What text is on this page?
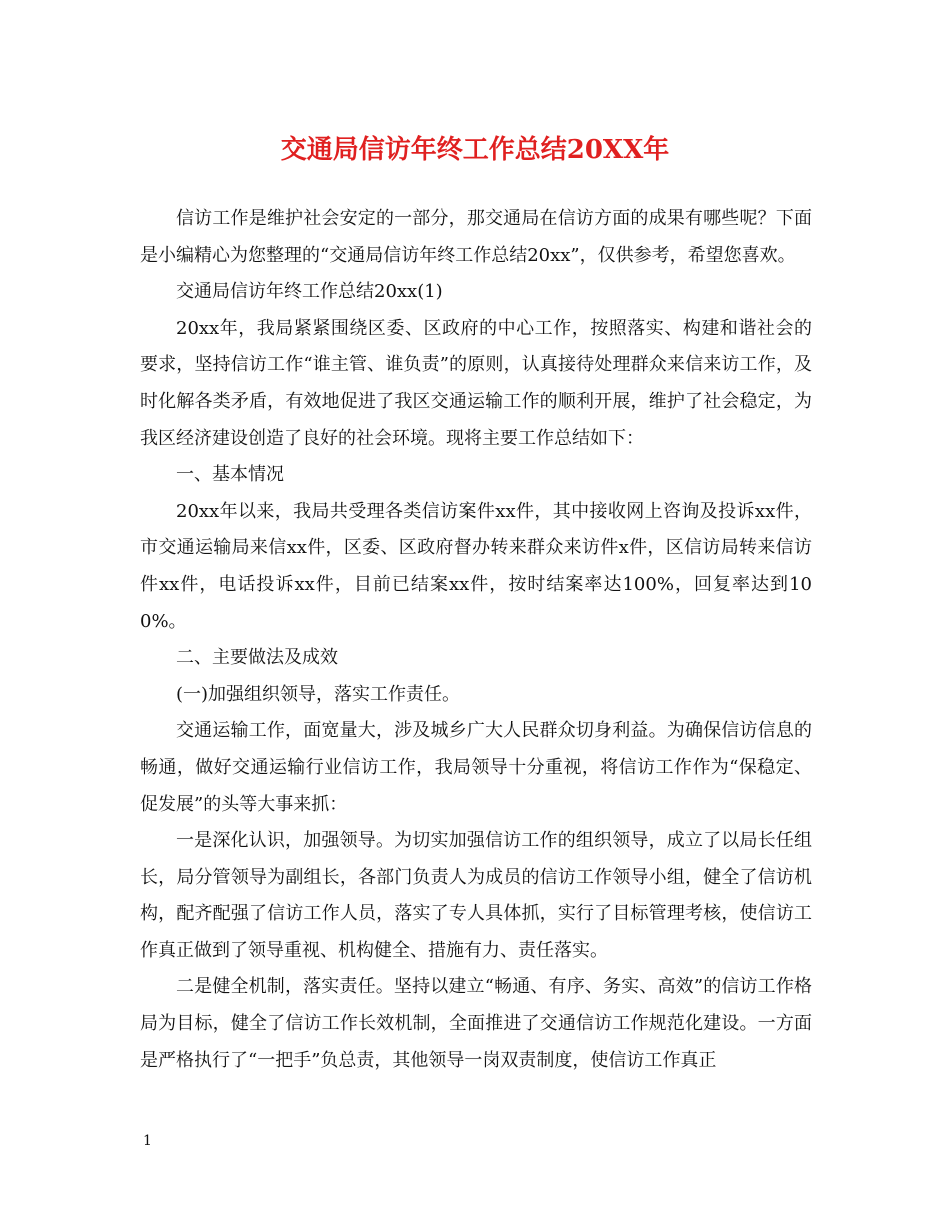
交通局信访年终工作总结20XX年

信访工作是维护社会安定的一部分，那交通局在信访方面的成果有哪些呢？下面是小编精心为您整理的“交通局信访年终工作总结20xx”，仅供参考，希望您喜欢。

交通局信访年终工作总结20xx(1)

20xx年，我局紧紧围绕区委、区政府的中心工作，按照落实、构建和谐社会的要求，坚持信访工作“谁主管、谁负责”的原则，认真接待处理群众来信来访工作，及时化解各类矛盾，有效地促进了我区交通运输工作的顺利开展，维护了社会稳定，为我区经济建设创造了良好的社会环境。现将主要工作总结如下：

一、基本情况

20xx年以来，我局共受理各类信访案件xx件，其中接收网上咨询及投诉xx件，市交通运输局来信xx件，区委、区政府督办转来群众来访件x件，区信访局转来信访件xx件，电话投诉xx件，目前已结案xx件，按时结案率达100%，回复率达到100%。

二、主要做法及成效

(一)加强组织领导，落实工作责任。

交通运输工作，面宽量大，涉及城乡广大人民群众切身利益。为确保信访信息的畅通，做好交通运输行业信访工作，我局领导十分重视，将信访工作作为“保稳定、促发展”的头等大事来抓：

一是深化认识，加强领导。为切实加强信访工作的组织领导，成立了以局长任组长，局分管领导为副组长，各部门负责人为成员的信访工作领导小组，健全了信访机构，配齐配强了信访工作人员，落实了专人具体抓，实行了目标管理考核，使信访工作真正做到了领导重视、机构健全、措施有力、责任落实。

二是健全机制，落实责任。坚持以建立“畅通、有序、务实、高效”的信访工作格局为目标，健全了信访工作长效机制，全面推进了交通信访工作规范化建设。一方面是严格执行了“一把手”负总责，其他领导一岗双责制度，使信访工作真正

1
